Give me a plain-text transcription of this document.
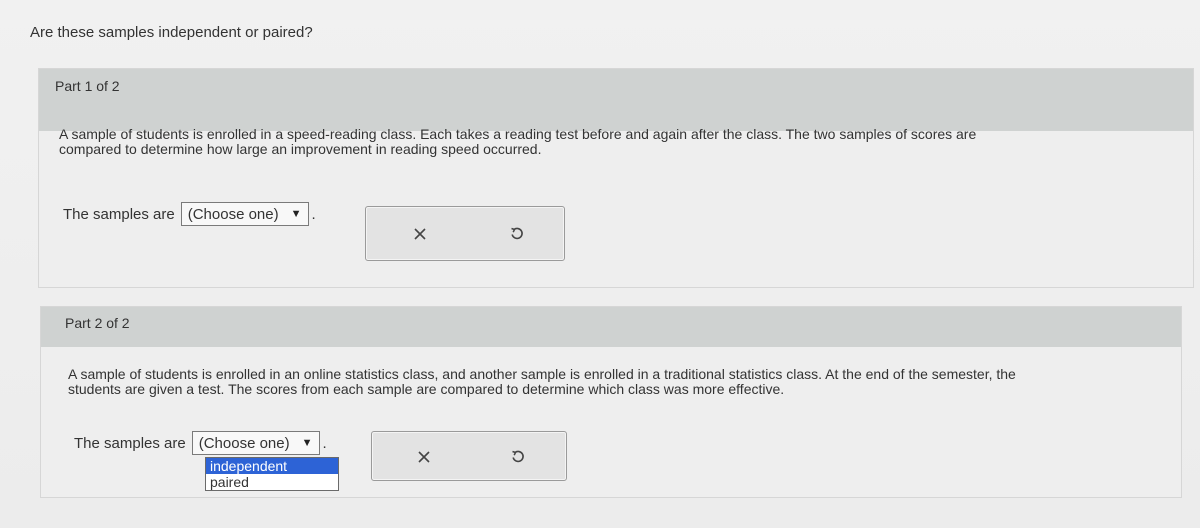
Are these samples independent or paired?
Part 1 of 2
A sample of students is enrolled in a speed-reading class. Each takes a reading test before and again after the class. The two samples of scores are
compared to determine how large an improvement in reading speed occurred.
The samples are (Choose one) ▼ .
Part 2 of 2
A sample of students is enrolled in an online statistics class, and another sample is enrolled in a traditional statistics class. At the end of the semester, the
students are given a test. The scores from each sample are compared to determine which class was more effective.
The samples are (Choose one) ▼ .
independent
paired
